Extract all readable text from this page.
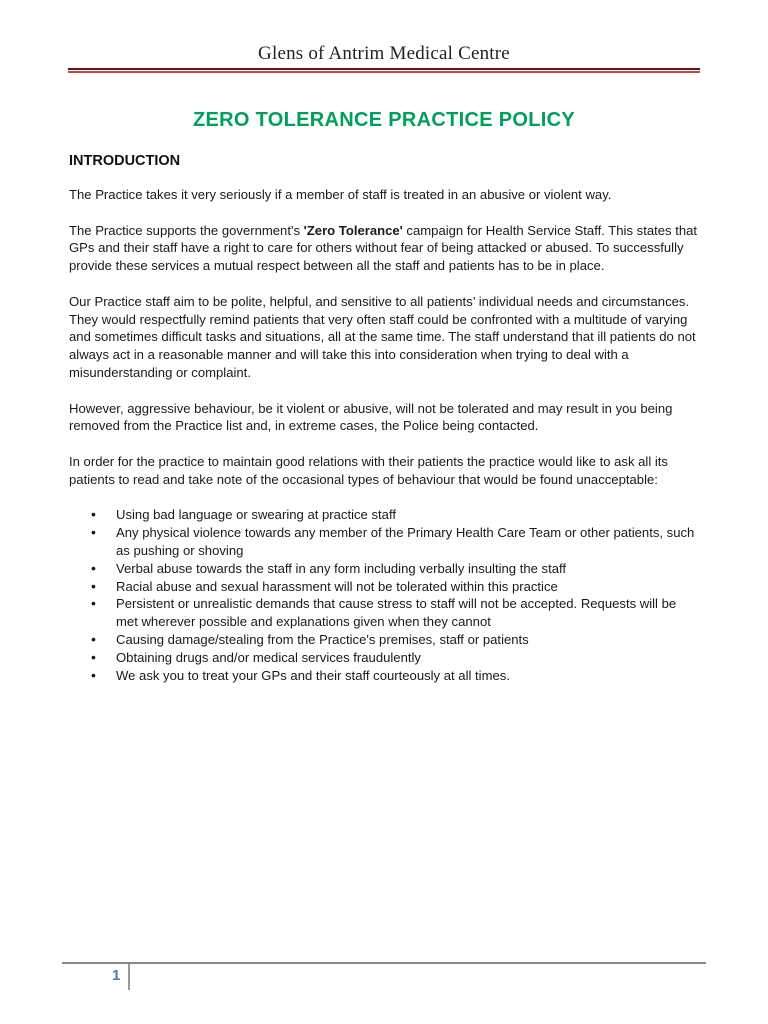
Glens of Antrim Medical Centre
ZERO TOLERANCE PRACTICE POLICY
INTRODUCTION

The Practice takes it very seriously if a member of staff is treated in an abusive or violent way.

The Practice supports the government's 'Zero Tolerance' campaign for Health Service Staff. This states that GPs and their staff have a right to care for others without fear of being attacked or abused. To successfully provide these services a mutual respect between all the staff and patients has to be in place.

Our Practice staff aim to be polite, helpful, and sensitive to all patients’ individual needs and circumstances. They would respectfully remind patients that very often staff could be confronted with a multitude of varying and sometimes difficult tasks and situations, all at the same time. The staff understand that ill patients do not always act in a reasonable manner and will take this into consideration when trying to deal with a misunderstanding or complaint.

However, aggressive behaviour, be it violent or abusive, will not be tolerated and may result in you being removed from the Practice list and, in extreme cases, the Police being contacted.

In order for the practice to maintain good relations with their patients the practice would like to ask all its patients to read and take note of the occasional types of behaviour that would be found unacceptable:

• Using bad language or swearing at practice staff
• Any physical violence towards any member of the Primary Health Care Team or other patients, such as pushing or shoving
• Verbal abuse towards the staff in any form including verbally insulting the staff
• Racial abuse and sexual harassment will not be tolerated within this practice
• Persistent or unrealistic demands that cause stress to staff will not be accepted. Requests will be met wherever possible and explanations given when they cannot
• Causing damage/stealing from the Practice's premises, staff or patients
• Obtaining drugs and/or medical services fraudulently
• We ask you to treat your GPs and their staff courteously at all times.
1
